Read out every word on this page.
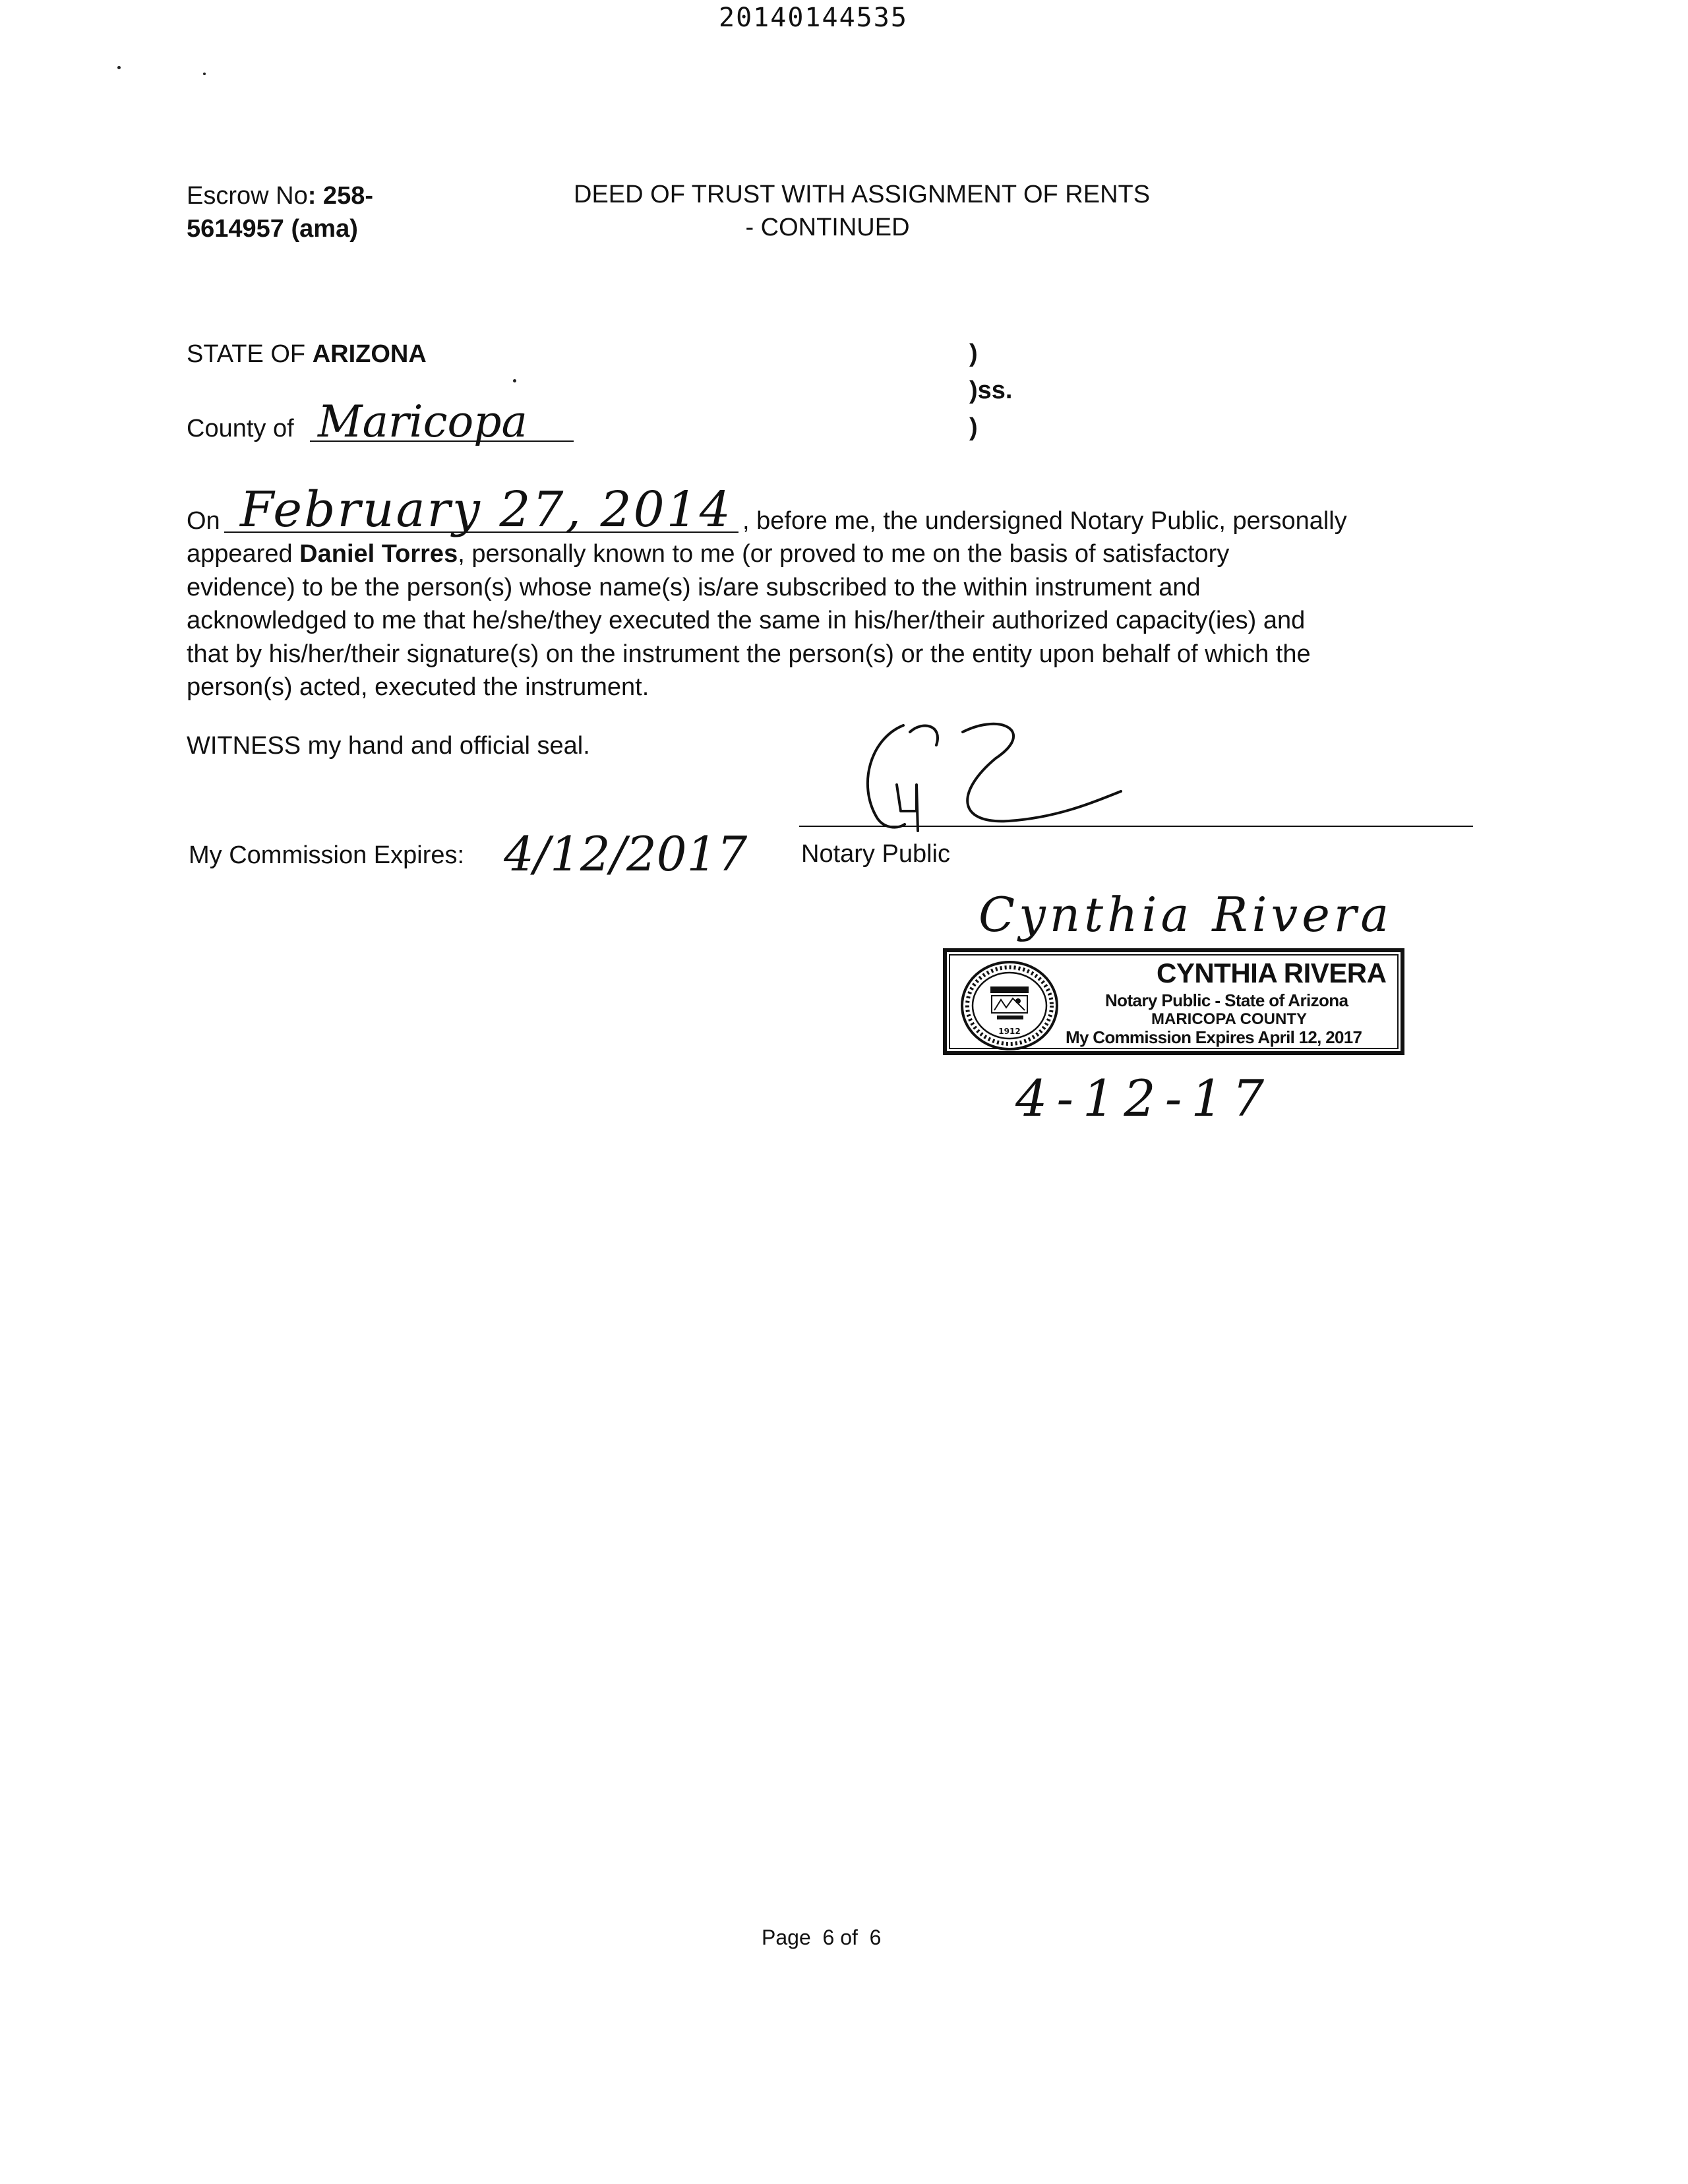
20140144535
Escrow No: 258-
5614957 (ama)
DEED OF TRUST WITH ASSIGNMENT OF RENTS
- CONTINUED
STATE OF ARIZONA
County of Maricopa
)
)ss.
)
On February 27, 2014 , before me, the undersigned Notary Public, personally
appeared Daniel Torres, personally known to me (or proved to me on the basis of satisfactory
evidence) to be the person(s) whose name(s) is/are subscribed to the within instrument and
acknowledged to me that he/she/they executed the same in his/her/their authorized capacity(ies) and
that by his/her/their signature(s) on the instrument the person(s) or the entity upon behalf of which the
person(s) acted, executed the instrument.
WITNESS my hand and official seal.
My Commission Expires: 4/12/2017 Notary Public
Cynthia Rivera
1912
CYNTHIA RIVERA
Notary Public - State of Arizona
MARICOPA COUNTY
My Commission Expires April 12, 2017
4-12-17
Page  6 of  6
